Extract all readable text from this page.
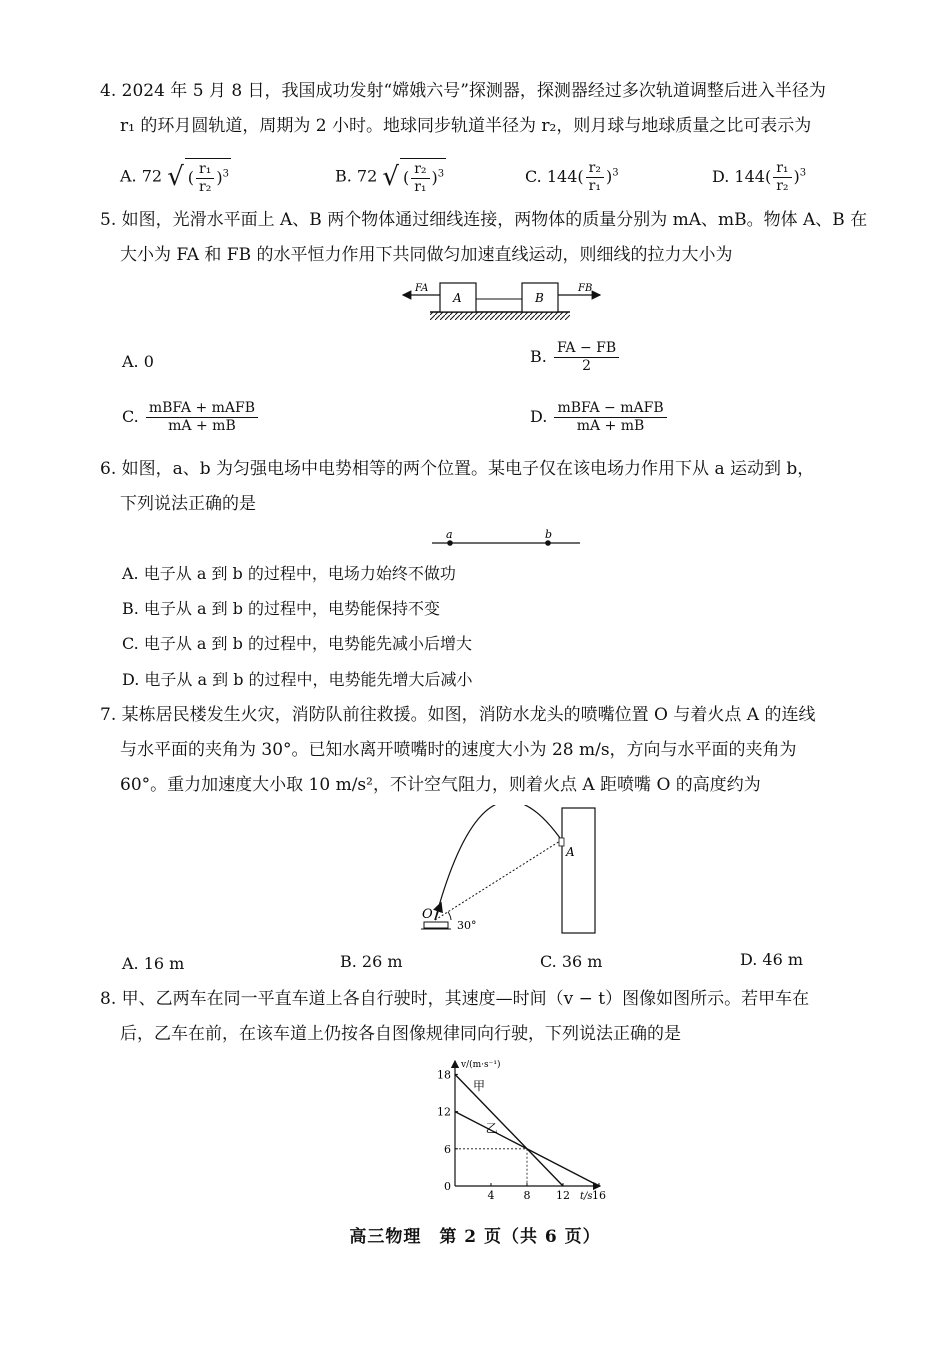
4. 2024 年 5 月 8 日，我国成功发射“嫦娥六号”探测器，探测器经过多次轨道调整后进入半径为
r₁ 的环月圆轨道，周期为 2 小时。地球同步轨道半径为 r₂，则月球与地球质量之比可表示为
A. 72 √ ( $\frac{\text{r₁}}{\text{r₂}} )^3$	B. 72 √ ( $\frac{\text{r₂}}{\text{r₁}} )^3$	C. $144( \frac{\text{r₂}}{\text{r₁}} )^3$	D. $144( \frac{\text{r₁}}{\text{r₂}} )^3$
5. 如图，光滑水平面上 A、B 两个物体通过细线连接，两物体的质量分别为 mA、mB。物体 A、B 在
大小为 FA 和 FB 的水平恒力作用下共同做匀加速直线运动，则细线的拉力大小为
FA	FB
A	B
A. 0	B. $\frac{FA - FB}{2}$
C. $\frac{\text{mBFA + mAFB}}{mA + mB}$	D. $\frac{\text{mBFA − mAFB}}{mA + mB}$
6. 如图，a、b 为匀强电场中电势相等的两个位置。某电子仅在该电场力作用下从 a 运动到 b，
下列说法正确的是
a	b
A. 电子从 a 到 b 的过程中，电场力始终不做功
B. 电子从 a 到 b 的过程中，电势能保持不变
C. 电子从 a 到 b 的过程中，电势能先减小后增大
D. 电子从 a 到 b 的过程中，电势能先增大后减小
7. 某栋居民楼发生火灾，消防队前往救援。如图，消防水龙头的喷嘴位置 O 与着火点 A 的连线
与水平面的夹角为 30°。已知水离开喷嘴时的速度大小为 28 m/s，方向与水平面的夹角为
60°。重力加速度大小取 10 m/s²，不计空气阻力，则着火点 A 距喷嘴 O 的高度约为
O
A
30°
A. 16 m	B. 26 m	C. 36 m	D. 46 m
8. 甲、乙两车在同一平直车道上各自行驶时，其速度—时间（v − t）图像如图所示。若甲车在
后，乙车在前，在该车道上仍按各自图像规律同向行驶，下列说法正确的是
v/(m·s⁻¹)
t/s
0
6
12
18
4	8 12 16
甲
乙
高三物理　第 2 页（共 6 页）
